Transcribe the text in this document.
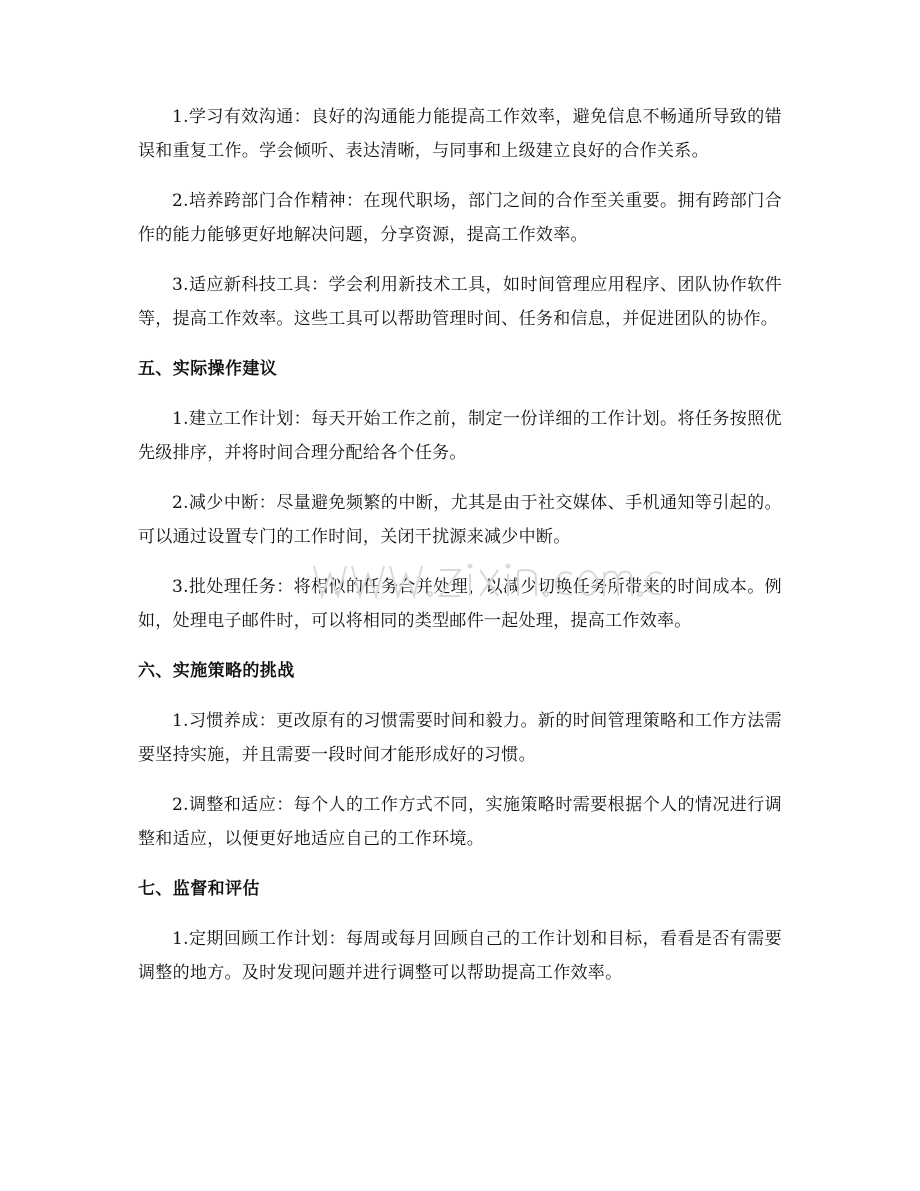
1.学习有效沟通：良好的沟通能力能提高工作效率，避免信息不畅通所导致的错误和重复工作。学会倾听、表达清晰，与同事和上级建立良好的合作关系。

2.培养跨部门合作精神：在现代职场，部门之间的合作至关重要。拥有跨部门合作的能力能够更好地解决问题，分享资源，提高工作效率。

3.适应新科技工具：学会利用新技术工具，如时间管理应用程序、团队协作软件等，提高工作效率。这些工具可以帮助管理时间、任务和信息，并促进团队的协作。

五、实际操作建议

1.建立工作计划：每天开始工作之前，制定一份详细的工作计划。将任务按照优先级排序，并将时间合理分配给各个任务。

2.减少中断：尽量避免频繁的中断，尤其是由于社交媒体、手机通知等引起的。可以通过设置专门的工作时间，关闭干扰源来减少中断。

3.批处理任务：将相似的任务合并处理，以减少切换任务所带来的时间成本。例如，处理电子邮件时，可以将相同的类型邮件一起处理，提高工作效率。

六、实施策略的挑战

1.习惯养成：更改原有的习惯需要时间和毅力。新的时间管理策略和工作方法需要坚持实施，并且需要一段时间才能形成好的习惯。

2.调整和适应：每个人的工作方式不同，实施策略时需要根据个人的情况进行调整和适应，以便更好地适应自己的工作环境。

七、监督和评估

1.定期回顾工作计划：每周或每月回顾自己的工作计划和目标，看看是否有需要调整的地方。及时发现问题并进行调整可以帮助提高工作效率。
